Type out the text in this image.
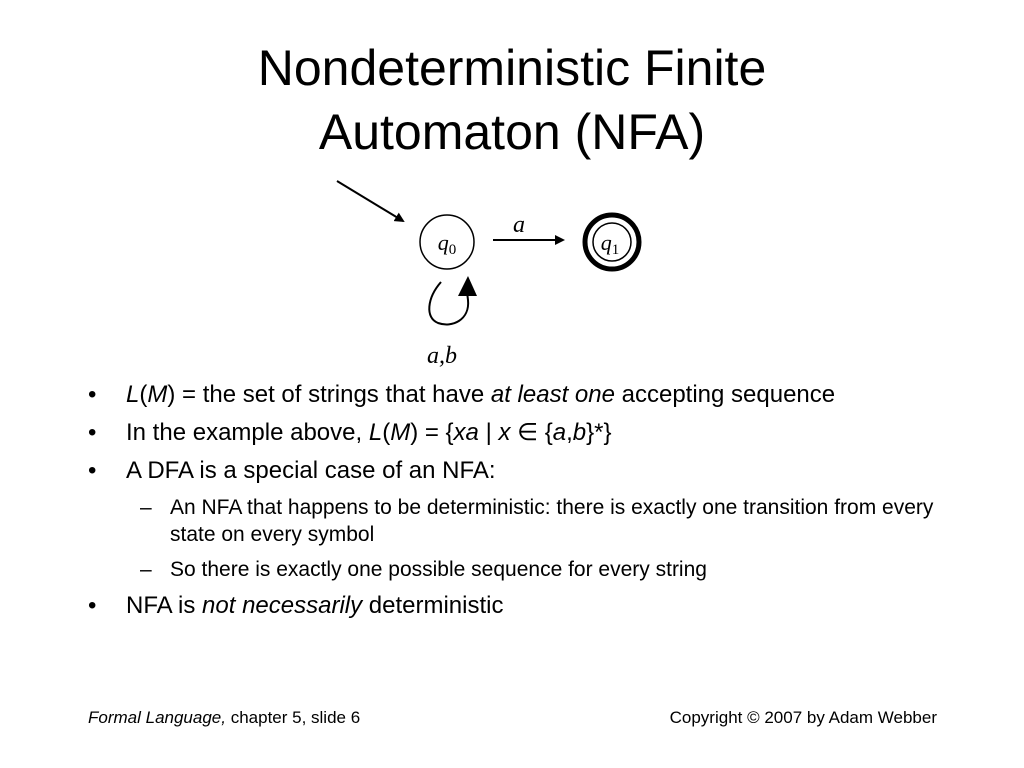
Nondeterministic Finite
Automaton (NFA)
q0
a
q1
a,b
• L(M) = the set of strings that have at least one accepting sequence
• In the example above, L(M) = {xa | x ∈ {a,b}*}
• A DFA is a special case of an NFA:
– An NFA that happens to be deterministic: there is exactly one transition from every state on every symbol
– So there is exactly one possible sequence for every string
• NFA is not necessarily deterministic
Formal Language, chapter 5, slide 6	Copyright © 2007 by Adam Webber
